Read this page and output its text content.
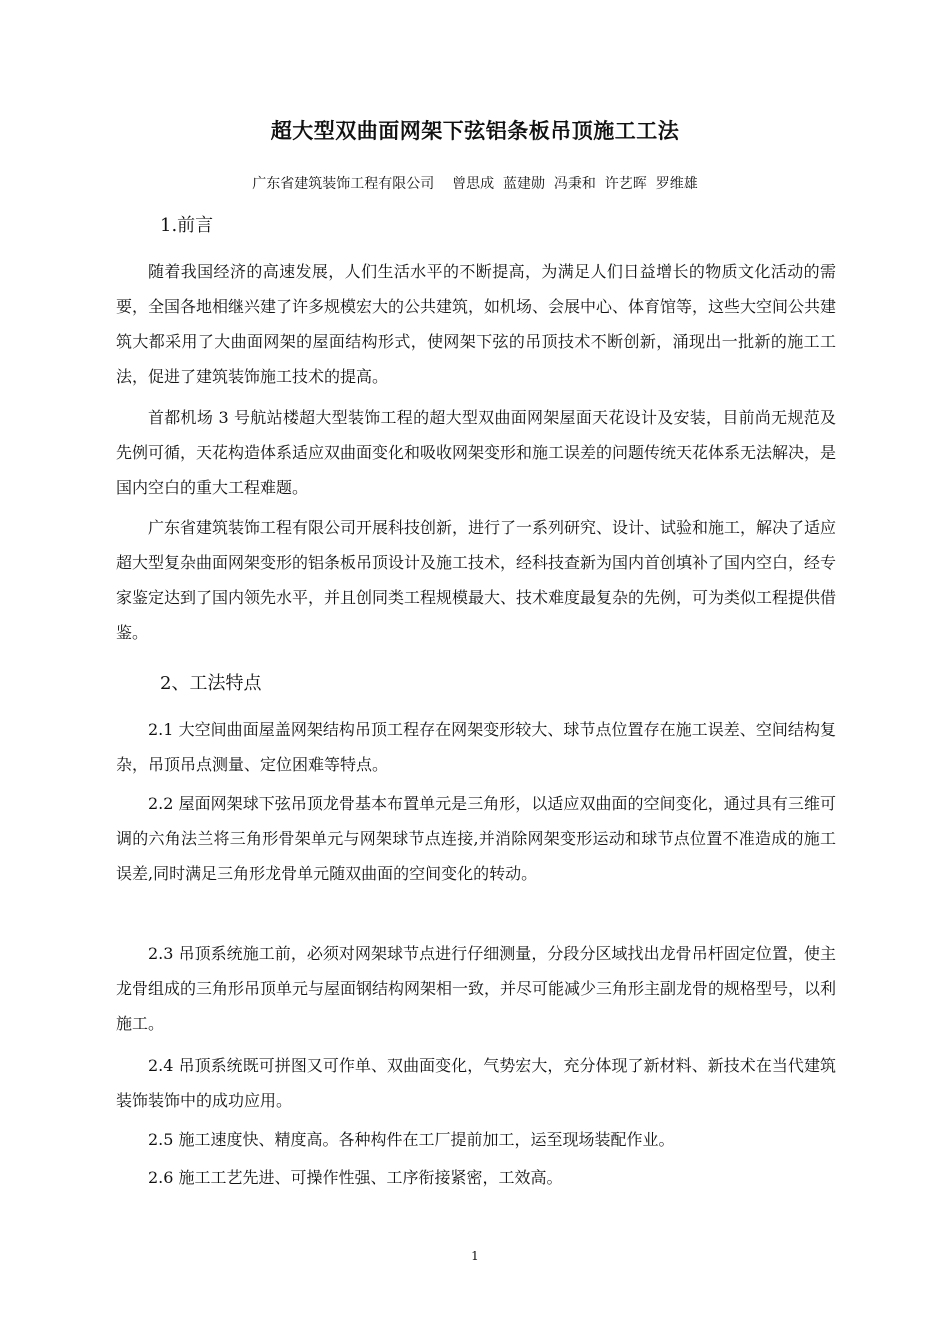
超大型双曲面网架下弦铝条板吊顶施工工法
广东省建筑装饰工程有限公司    曾思成  蓝建勋  冯秉和  许艺晖  罗维雄
1.前言

随着我国经济的高速发展，人们生活水平的不断提高，为满足人们日益增长的物质文化活动的需要，全国各地相继兴建了许多规模宏大的公共建筑，如机场、会展中心、体育馆等，这些大空间公共建筑大都采用了大曲面网架的屋面结构形式，使网架下弦的吊顶技术不断创新，涌现出一批新的施工工法，促进了建筑装饰施工技术的提高。

首都机场 3 号航站楼超大型装饰工程的超大型双曲面网架屋面天花设计及安装，目前尚无规范及先例可循，天花构造体系适应双曲面变化和吸收网架变形和施工误差的问题传统天花体系无法解决，是国内空白的重大工程难题。

广东省建筑装饰工程有限公司开展科技创新，进行了一系列研究、设计、试验和施工，解决了适应超大型复杂曲面网架变形的铝条板吊顶设计及施工技术，经科技查新为国内首创填补了国内空白，经专家鉴定达到了国内领先水平，并且创同类工程规模最大、技术难度最复杂的先例，可为类似工程提供借鉴。

2、工法特点

2.1 大空间曲面屋盖网架结构吊顶工程存在网架变形较大、球节点位置存在施工误差、空间结构复杂，吊顶吊点测量、定位困难等特点。

2.2 屋面网架球下弦吊顶龙骨基本布置单元是三角形，以适应双曲面的空间变化，通过具有三维可调的六角法兰将三角形骨架单元与网架球节点连接,并消除网架变形运动和球节点位置不准造成的施工误差,同时满足三角形龙骨单元随双曲面的空间变化的转动。

2.3 吊顶系统施工前，必须对网架球节点进行仔细测量，分段分区域找出龙骨吊杆固定位置，使主龙骨组成的三角形吊顶单元与屋面钢结构网架相一致，并尽可能减少三角形主副龙骨的规格型号，以利施工。

2.4 吊顶系统既可拼图又可作单、双曲面变化，气势宏大，充分体现了新材料、新技术在当代建筑装饰装饰中的成功应用。

2.5 施工速度快、精度高。各种构件在工厂提前加工，运至现场装配作业。

2.6 施工工艺先进、可操作性强、工序衔接紧密，工效高。

1
